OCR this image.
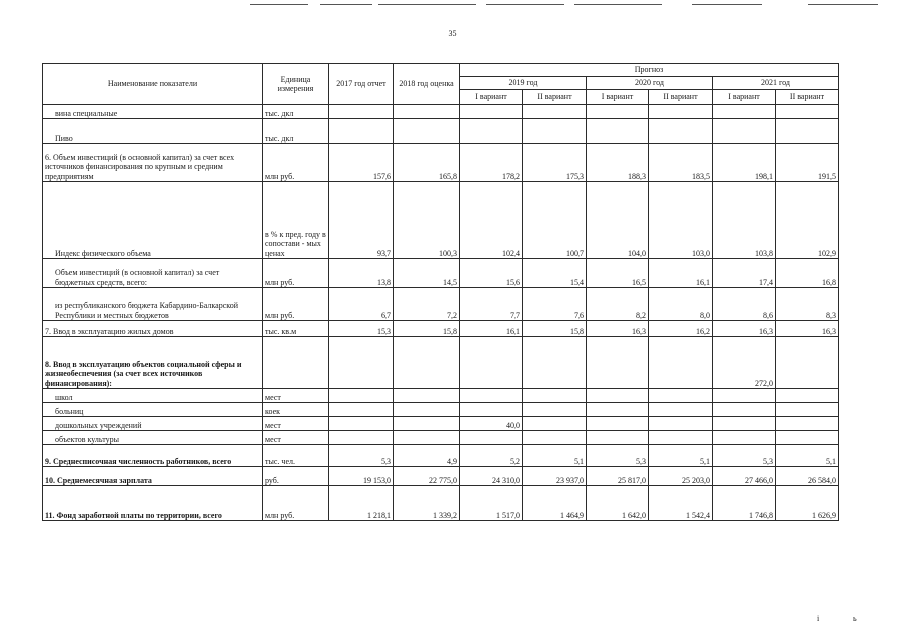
35
Наименование показатели	Единица измерения	2017 год отчет	2018 год оценка	Прогноз					
				2019 год		2020 год		2021 год	
				I вариант	II вариант	I вариант	II вариант	I вариант	II вариант
вина специальные	тыс. дкл								
Пиво	тыс. дкл								
6. Объем инвестиций (в основной капитал) за счет всех источников финансирования по крупным и средним предприятиям	млн руб.	157,6	165,8	178,2	175,3	188,3	183,5	198,1	191,5
Индекс физического объема	в % к пред. году в сопостави - мых ценах	93,7	100,3	102,4	100,7	104,0	103,0	103,8	102,9
Объем инвестиций (в основной капитал) за счет бюджетных средств, всего:	млн руб.	13,8	14,5	15,6	15,4	16,5	16,1	17,4	16,8
из республиканского бюджета Кабардино-Балкарской Республики и местных бюджетов	млн руб.	6,7	7,2	7,7	7,6	8,2	8,0	8,6	8,3
7. Ввод в эксплуатацию жилых домов	тыс. кв.м	15,3	15,8	16,1	15,8	16,3	16,2	16,3	16,3
8. Ввод в эксплуатацию объектов социальной сферы и жизнеобеспечения (за счет всех источников финансирования):								272,0	
школ	мест								
больниц	коек								
дошкольных учреждений	мест			40,0					
объектов культуры	мест								
9. Среднесписочная численность работников, всего	тыс. чел.	5,3	4,9	5,2	5,1	5,3	5,1	5,3	5,1
10. Среднемесячная зарплата	руб.	19 153,0	22 775,0	24 310,0	23 937,0	25 817,0	25 203,0	27 466,0	26 584,0
11. Фонд заработной платы по территории, всего	млн руб.	1 218,1	1 339,2	1 517,0	1 464,9	1 642,0	1 542,4	1 746,8	1 626,9
i	ь
